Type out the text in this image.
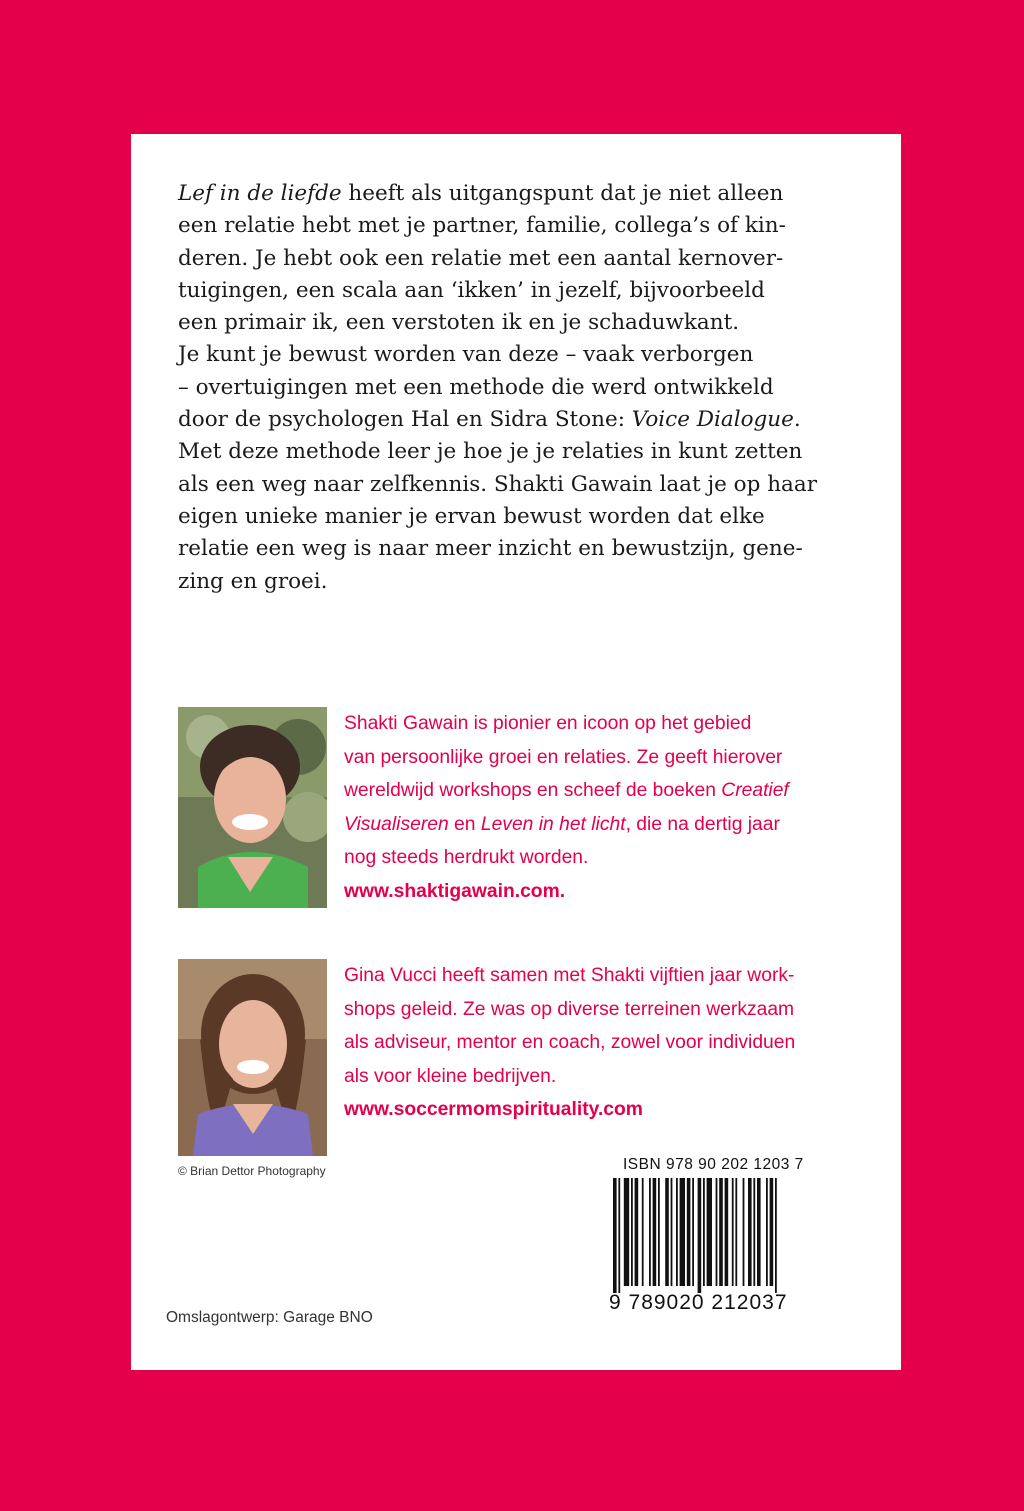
Lef in de liefde heeft als uitgangspunt dat je niet alleen
een relatie hebt met je partner, familie, collega’s of kin-
deren. Je hebt ook een relatie met een aantal kernover-
tuigingen, een scala aan ‘ikken’ in jezelf, bijvoorbeeld
een primair ik, een verstoten ik en je schaduwkant.
Je kunt je bewust worden van deze – vaak verborgen
– overtuigingen met een methode die werd ontwikkeld
door de psychologen Hal en Sidra Stone: Voice Dialogue.
Met deze methode leer je hoe je je relaties in kunt zetten
als een weg naar zelfkennis. Shakti Gawain laat je op haar
eigen unieke manier je ervan bewust worden dat elke
relatie een weg is naar meer inzicht en bewustzijn, gene-
zing en groei.

Shakti Gawain is pionier en icoon op het gebied
van persoonlijke groei en relaties. Ze geeft hierover
wereldwijd workshops en scheef de boeken Creatief
Visualiseren en Leven in het licht, die na dertig jaar
nog steeds herdrukt worden.
www.shaktigawain.com.
Gina Vucci heeft samen met Shakti vijftien jaar work-
shops geleid. Ze was op diverse terreinen werkzaam
als adviseur, mentor en coach, zowel voor individuen
als voor kleine bedrijven.
www.soccermomspirituality.com
© Brian Dettor Photography	ISBN 978 90 202 1203 7
9 789020 212037
Omslagontwerp: Garage BNO
